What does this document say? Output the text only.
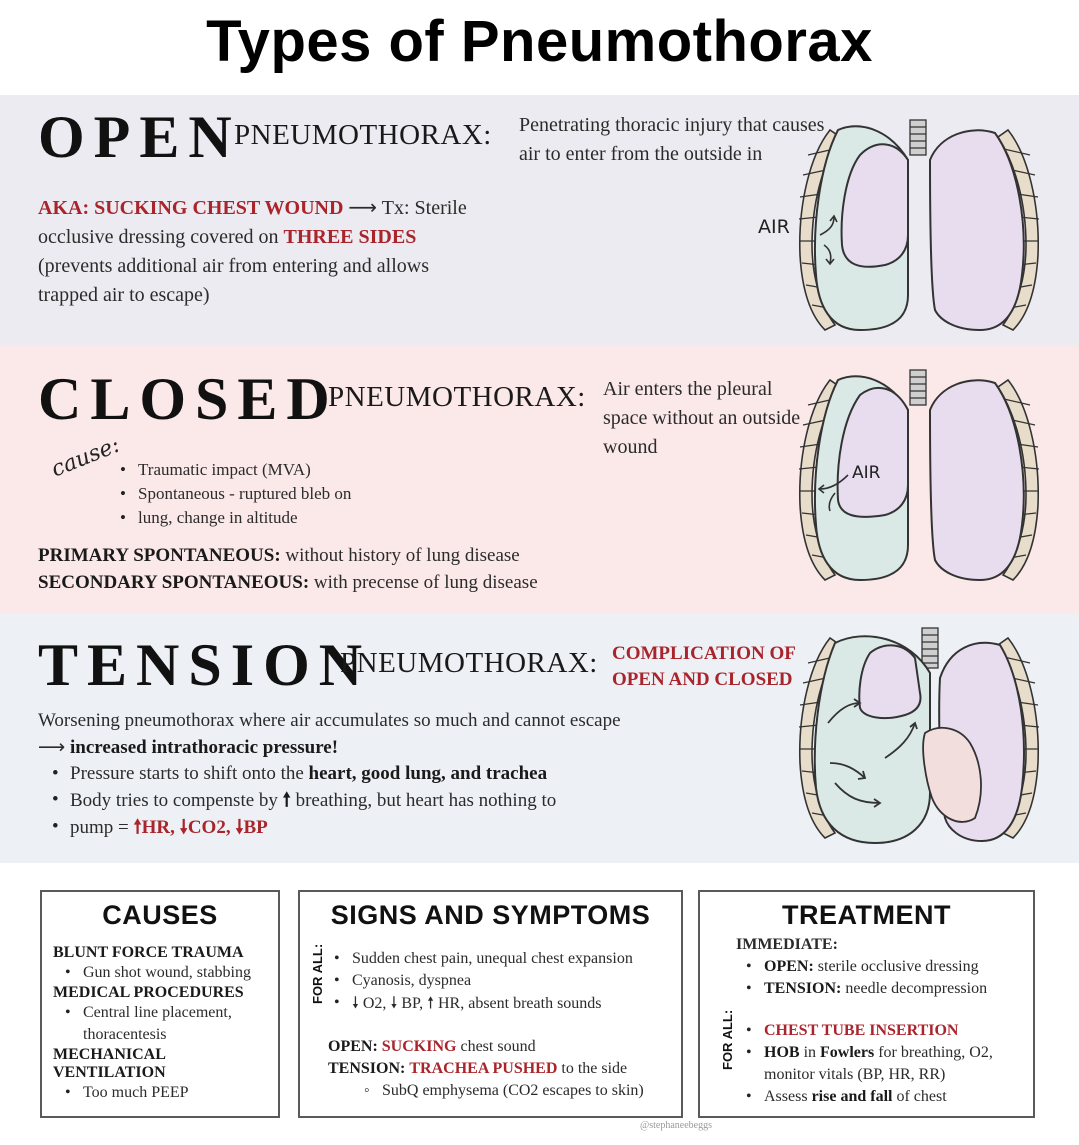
Types of Pneumothorax
OPEN
PNEUMOTHORAX: Penetrating thoracic injury that causes air to enter from the outside in
AKA: SUCKING CHEST WOUND ⟶ Tx: Sterile
occlusive dressing covered on THREE SIDES
(prevents additional air from entering and allows
trapped air to escape)
AIR
CLOSED
PNEUMOTHORAX: Air enters the pleural space without an outside wound
cause: • Traumatic impact (MVA)
• Spontaneous - ruptured bleb on
• lung, change in altitude
PRIMARY SPONTANEOUS: without history of lung disease
SECONDARY SPONTANEOUS: with precense of lung disease
AIR
TENSION
PNEUMOTHORAX: COMPLICATION OF
OPEN AND CLOSED
Worsening pneumothorax where air accumulates so much and cannot escape
⟶ increased intrathoracic pressure!
• Pressure starts to shift onto the heart, good lung, and trachea
• Body tries to compenste by 🠕 breathing, but heart has nothing to
• pump = 🠕HR, 🠗CO2, 🠗BP
CAUSES
BLUNT FORCE TRAUMA
• Gun shot wound, stabbing
MEDICAL PROCEDURES
• Central line placement,
thoracentesis
MECHANICAL VENTILATION
• Too much PEEP
SIGNS AND SYMPTOMS
FOR ALL:	• Sudden chest pain, unequal chest expansion
• Cyanosis, dyspnea
• 🠗 O2, 🠗 BP, 🠕 HR, absent breath sounds
OPEN: SUCKING chest sound
TENSION: TRACHEA PUSHED to the side
◦ SubQ emphysema (CO2 escapes to skin)
TREATMENT
IMMEDIATE:
• OPEN: sterile occlusive dressing
• TENSION: needle decompression
FOR ALL:	• CHEST TUBE INSERTION
• HOB in Fowlers for breathing, O2,
monitor vitals (BP, HR, RR)
• Assess rise and fall of chest
@stephaneebeggs
